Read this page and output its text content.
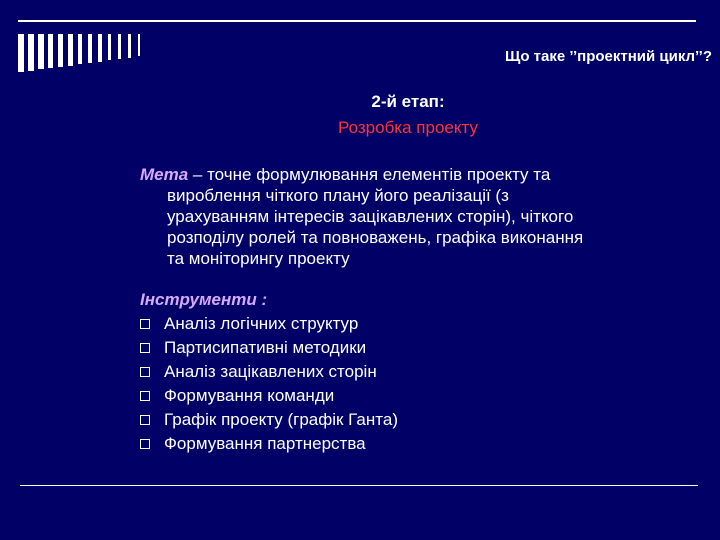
Що таке ’’проектний цикл’’?
2-й етап:
Розробка проекту
Мета – точне формулювання елементів проекту та
вироблення чіткого плану його реалізації (з
урахуванням інтересів зацікавлених сторін), чіткого
розподілу ролей та повноважень, графіка виконання
та моніторингу проекту
Інструменти :
Аналіз логічних структур
Партисипативні методики
Аналіз зацікавлених сторін
Формування команди
Графік проекту (графік Ганта)
Формування партнерства
